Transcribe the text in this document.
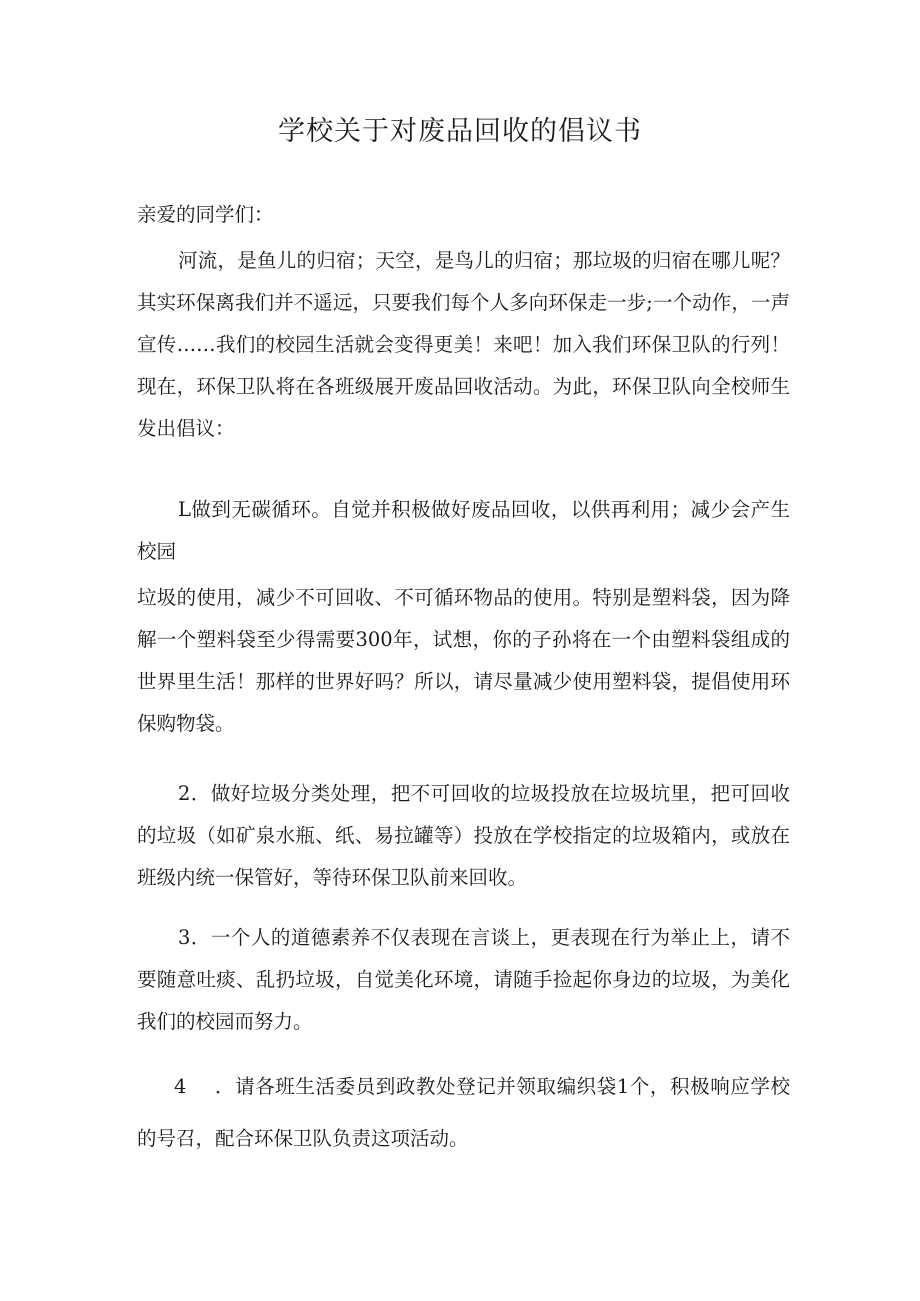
学校关于对废品回收的倡议书

亲爱的同学们：

河流，是鱼儿的归宿；天空，是鸟儿的归宿；那垃圾的归宿在哪儿呢？其实环保离我们并不遥远，只要我们每个人多向环保走一步;一个动作，一声宣传……我们的校园生活就会变得更美！来吧！加入我们环保卫队的行列！现在，环保卫队将在各班级展开废品回收活动。为此，环保卫队向全校师生发出倡议：

L做到无碳循环。自觉并积极做好废品回收，以供再利用；减少会产生校园

垃圾的使用，减少不可回收、不可循环物品的使用。特别是塑料袋，因为降解一个塑料袋至少得需要300年，试想，你的子孙将在一个由塑料袋组成的世界里生活！那样的世界好吗？所以，请尽量减少使用塑料袋，提倡使用环保购物袋。

2．做好垃圾分类处理，把不可回收的垃圾投放在垃圾坑里，把可回收的垃圾（如矿泉水瓶、纸、易拉罐等）投放在学校指定的垃圾箱内，或放在班级内统一保管好，等待环保卫队前来回收。

3．一个人的道德素养不仅表现在言谈上，更表现在行为举止上，请不要随意吐痰、乱扔垃圾，自觉美化环境，请随手捡起你身边的垃圾，为美化我们的校园而努力。

4 ．请各班生活委员到政教处登记并领取编织袋1个，积极响应学校的号召，配合环保卫队负责这项活动。
